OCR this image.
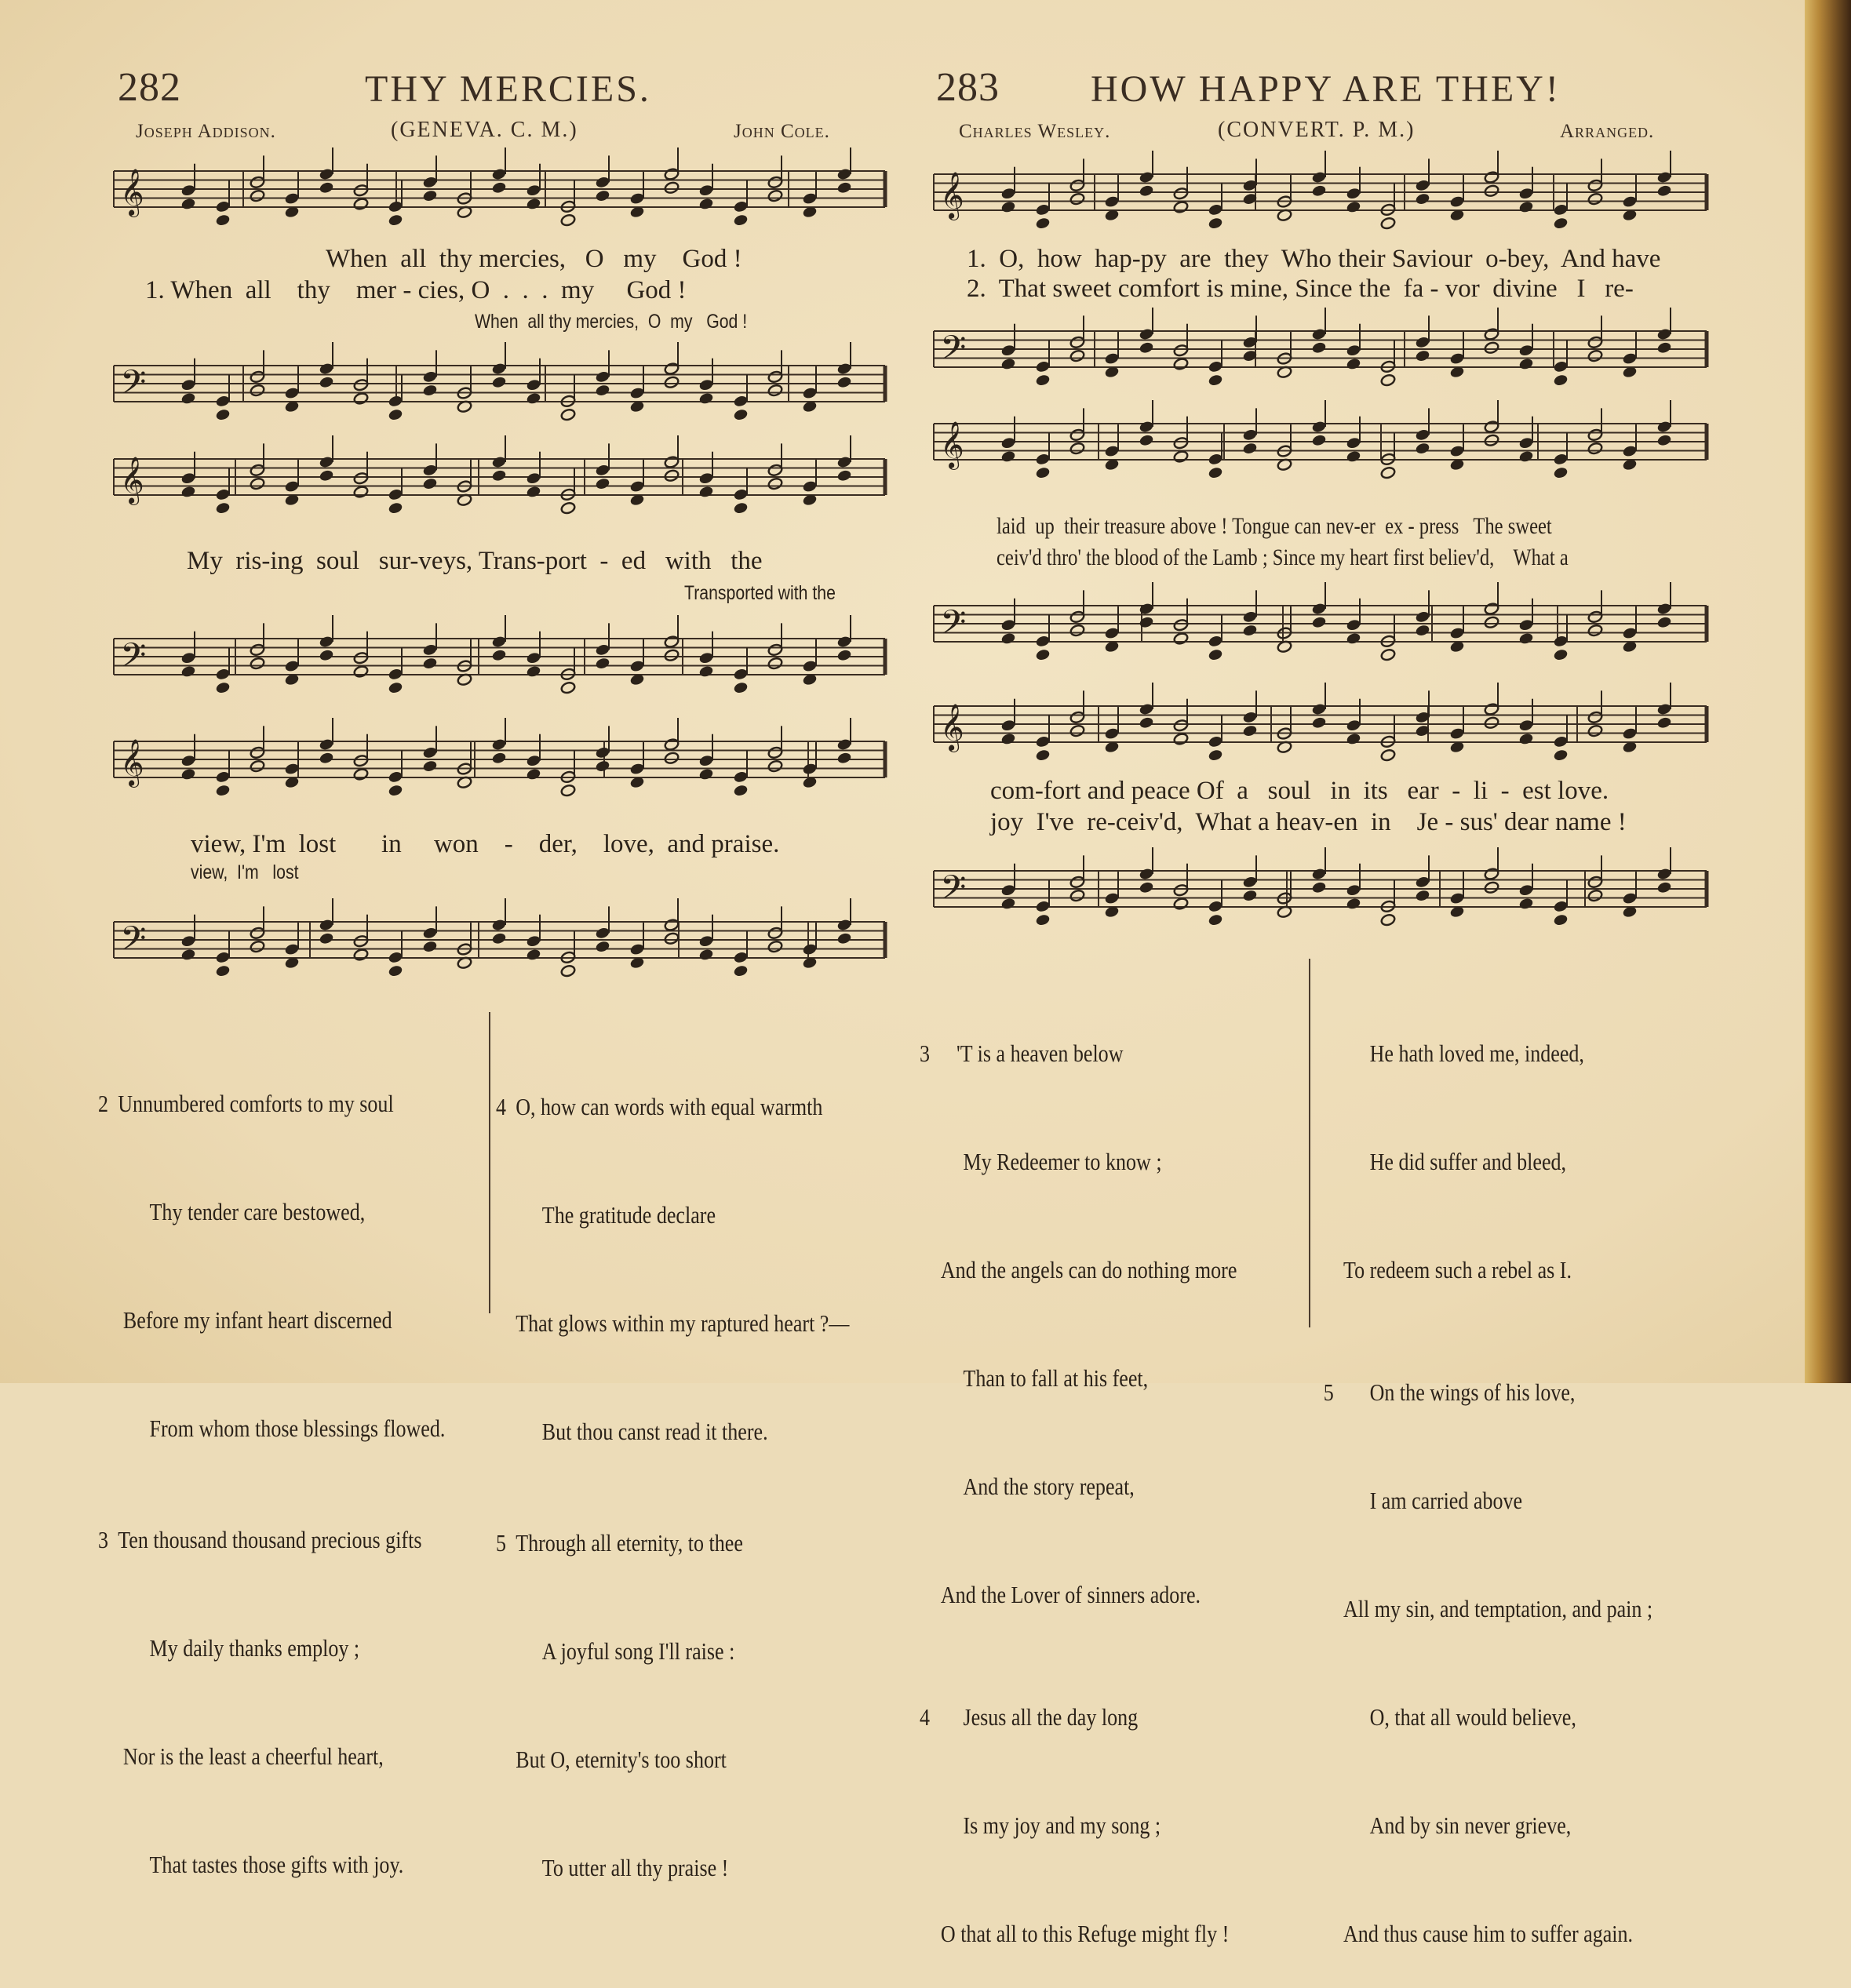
282	THY MERCIES.
Joseph Addison.	(GENEVA. C. M.)	John Cole.
283 HOW HAPPY ARE THEY!
Charles Wesley.	(CONVERT. P. M.)	Arranged.
𝄞
𝄢
𝄞
𝄢
𝄞
𝄢
𝄞
𝄢
𝄞
𝄢
𝄞
𝄢
When  all  thy mercies,   O   my    God !
1. When  all    thy    mer - cies, O  .  .  .  my     God !
When  all thy mercies,  O  my   God !
My  ris-ing  soul   sur-veys, Trans-port  -  ed   with   the
Transported with the
view, I'm  lost       in     won    -    der,    love,  and praise.
view,  I'm   lost
1.  O,  how  hap-py  are  they  Who their Saviour  o-bey,  And have
2.  That sweet comfort is mine, Since the  fa - vor  divine   I   re-
laid  up  their treasure above ! Tongue can nev-er  ex - press   The sweet
ceiv'd thro' the blood of the Lamb ; Since my heart first believ'd,    What a
com-fort and peace Of  a   soul   in  its   ear  -  li  -  est love.
joy  I've  re-ceiv'd,  What a heav-en  in    Je - sus' dear name !

2 Unnumbered comforts to my soul

Thy tender care bestowed,

Before my infant heart discerned

From whom those blessings flowed.

3 Ten thousand thousand precious gifts

My daily thanks employ ;

Nor is the least a cheerful heart,

That tastes those gifts with joy.

4 O, how can words with equal warmth

The gratitude declare

That glows within my raptured heart ?—

But thou canst read it there.

5 Through all eternity, to thee

A joyful song I'll raise :

But O, eternity's too short

To utter all thy praise !

3 'T is a heaven below

My Redeemer to know ;

And the angels can do nothing more

Than to fall at his feet,

And the story repeat,

And the Lover of sinners adore.

4 Jesus all the day long

Is my joy and my song ;

O that all to this Refuge might fly !

He hath loved me, indeed,

He did suffer and bleed,

To redeem such a rebel as I.

5 On the wings of his love,

I am carried above

All my sin, and temptation, and pain ;

O, that all would believe,

And by sin never grieve,

And thus cause him to suffer again.
